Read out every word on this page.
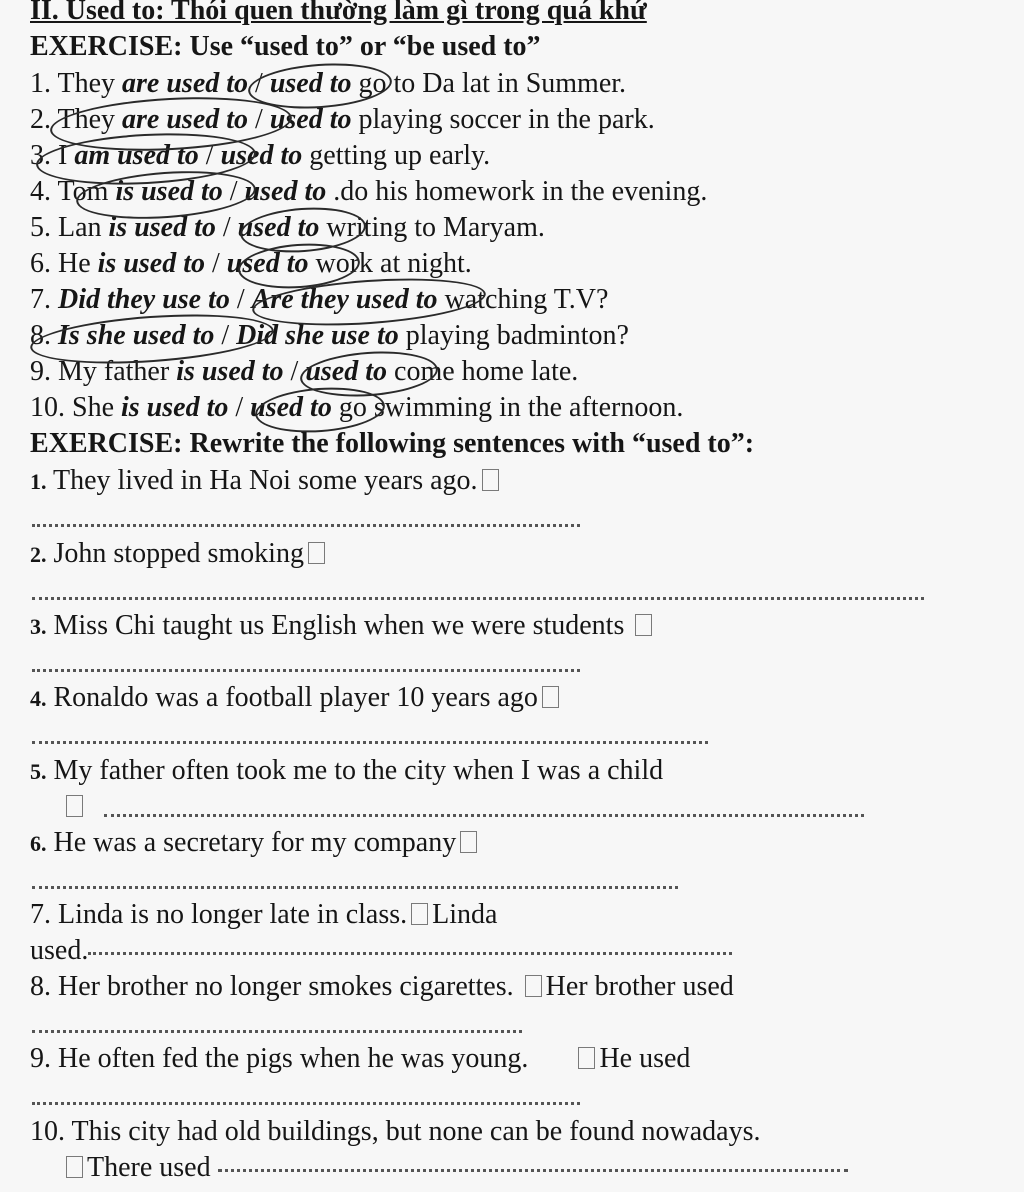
II. Used to: Thói quen thường làm gì trong quá khứ
EXERCISE: Use “used to” or “be used to”
1. They are used to / used to go to Da lat in Summer.
2. They are used to / used to playing soccer in the park.
3. I am used to / used to getting up early.
4. Tom is used to / used to .do his homework in the evening.
5. Lan is used to / used to writing to Maryam.
6. He is used to / used to work at night.
7. Did they use to / Are they used to watching T.V?
8. Is she used to / Did she use to playing badminton?
9. My father is used to / used to come home late.
10. She is used to / used to go swimming in the afternoon.
EXERCISE: Rewrite the following sentences with “used to”:
1. They lived in Ha Noi some years ago.
2. John stopped smoking
3. Miss Chi taught us English when we were students
4. Ronaldo was a football player 10 years ago
5. My father often took me to the city when I was a child
6. He was a secretary for my company
7. Linda is no longer late in class. Linda
used.
8. Her brother no longer smokes cigarettes. Her brother used
9. He often fed the pigs when he was young.	He used
10. This city had old buildings, but none can be found nowadays.
There used
